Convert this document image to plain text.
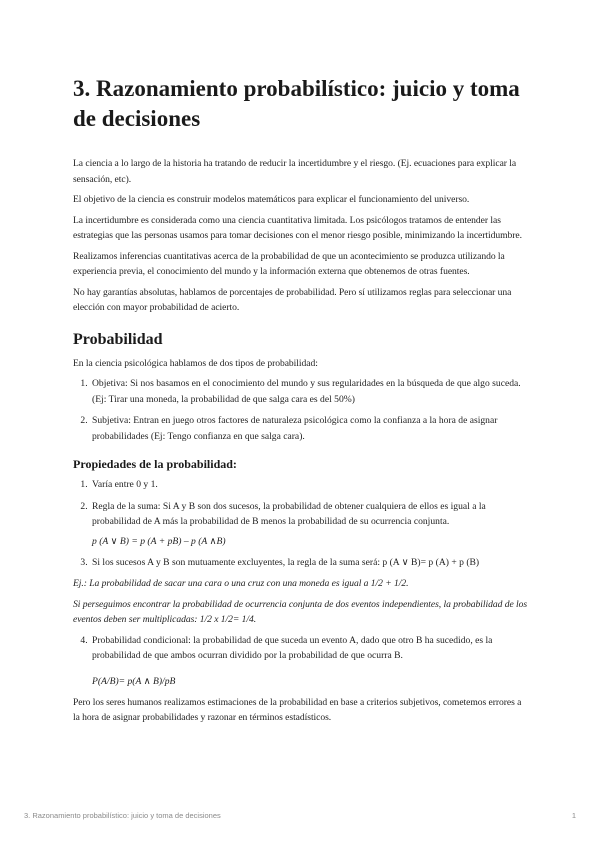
3. Razonamiento probabilístico: juicio y toma de decisiones

La ciencia a lo largo de la historia ha tratando de reducir la incertidumbre y el riesgo. (Ej. ecuaciones para explicar la sensación, etc).

El objetivo de la ciencia es construir modelos matemáticos para explicar el funcionamiento del universo.

La incertidumbre es considerada como una ciencia cuantitativa limitada. Los psicólogos tratamos de entender las estrategias que las personas usamos para tomar decisiones con el menor riesgo posible, minimizando la incertidumbre.

Realizamos inferencias cuantitativas acerca de la probabilidad de que un acontecimiento se produzca utilizando la experiencia previa, el conocimiento del mundo y la información externa que obtenemos de otras fuentes.

No hay garantías absolutas, hablamos de porcentajes de probabilidad. Pero sí utilizamos reglas para seleccionar una elección con mayor probabilidad de acierto.

Probabilidad

En la ciencia psicológica hablamos de dos tipos de probabilidad:

1. Objetiva: Si nos basamos en el conocimiento del mundo y sus regularidades en la búsqueda de que algo suceda. (Ej: Tirar una moneda, la probabilidad de que salga cara es del 50%)
2. Subjetiva: Entran en juego otros factores de naturaleza psicológica como la confianza a la hora de asignar probabilidades (Ej: Tengo confianza en que salga cara).
Propiedades de la probabilidad:
1. Varía entre 0 y 1.
2. Regla de la suma: Si A y B son dos sucesos, la probabilidad de obtener cualquiera de ellos es igual a la probabilidad de A más la probabilidad de B menos la probabilidad de su ocurrencia conjunta.
p (A ∨ B) = p (A + pB) – p (A ∧B)
3. Si los sucesos A y B son mutuamente excluyentes, la regla de la suma será: p (A ∨ B)= p (A) + p (B)

Ej.: La probabilidad de sacar una cara o una cruz con una moneda es igual a 1/2 + 1/2.

Si perseguimos encontrar la probabilidad de ocurrencia conjunta de dos eventos independientes, la probabilidad de los eventos deben ser multiplicadas: 1/2 x 1/2= 1/4.

4. Probabilidad condicional: la probabilidad de que suceda un evento A, dado que otro B ha sucedido, es la probabilidad de que ambos ocurran dividido por la probabilidad de que ocurra B.
P(A/B)= p(A ∧ B)/pB

Pero los seres humanos realizamos estimaciones de la probabilidad en base a criterios subjetivos, cometemos errores a la hora de asignar probabilidades y razonar en términos estadísticos.

3. Razonamiento probabilístico: juicio y toma de decisiones	1
